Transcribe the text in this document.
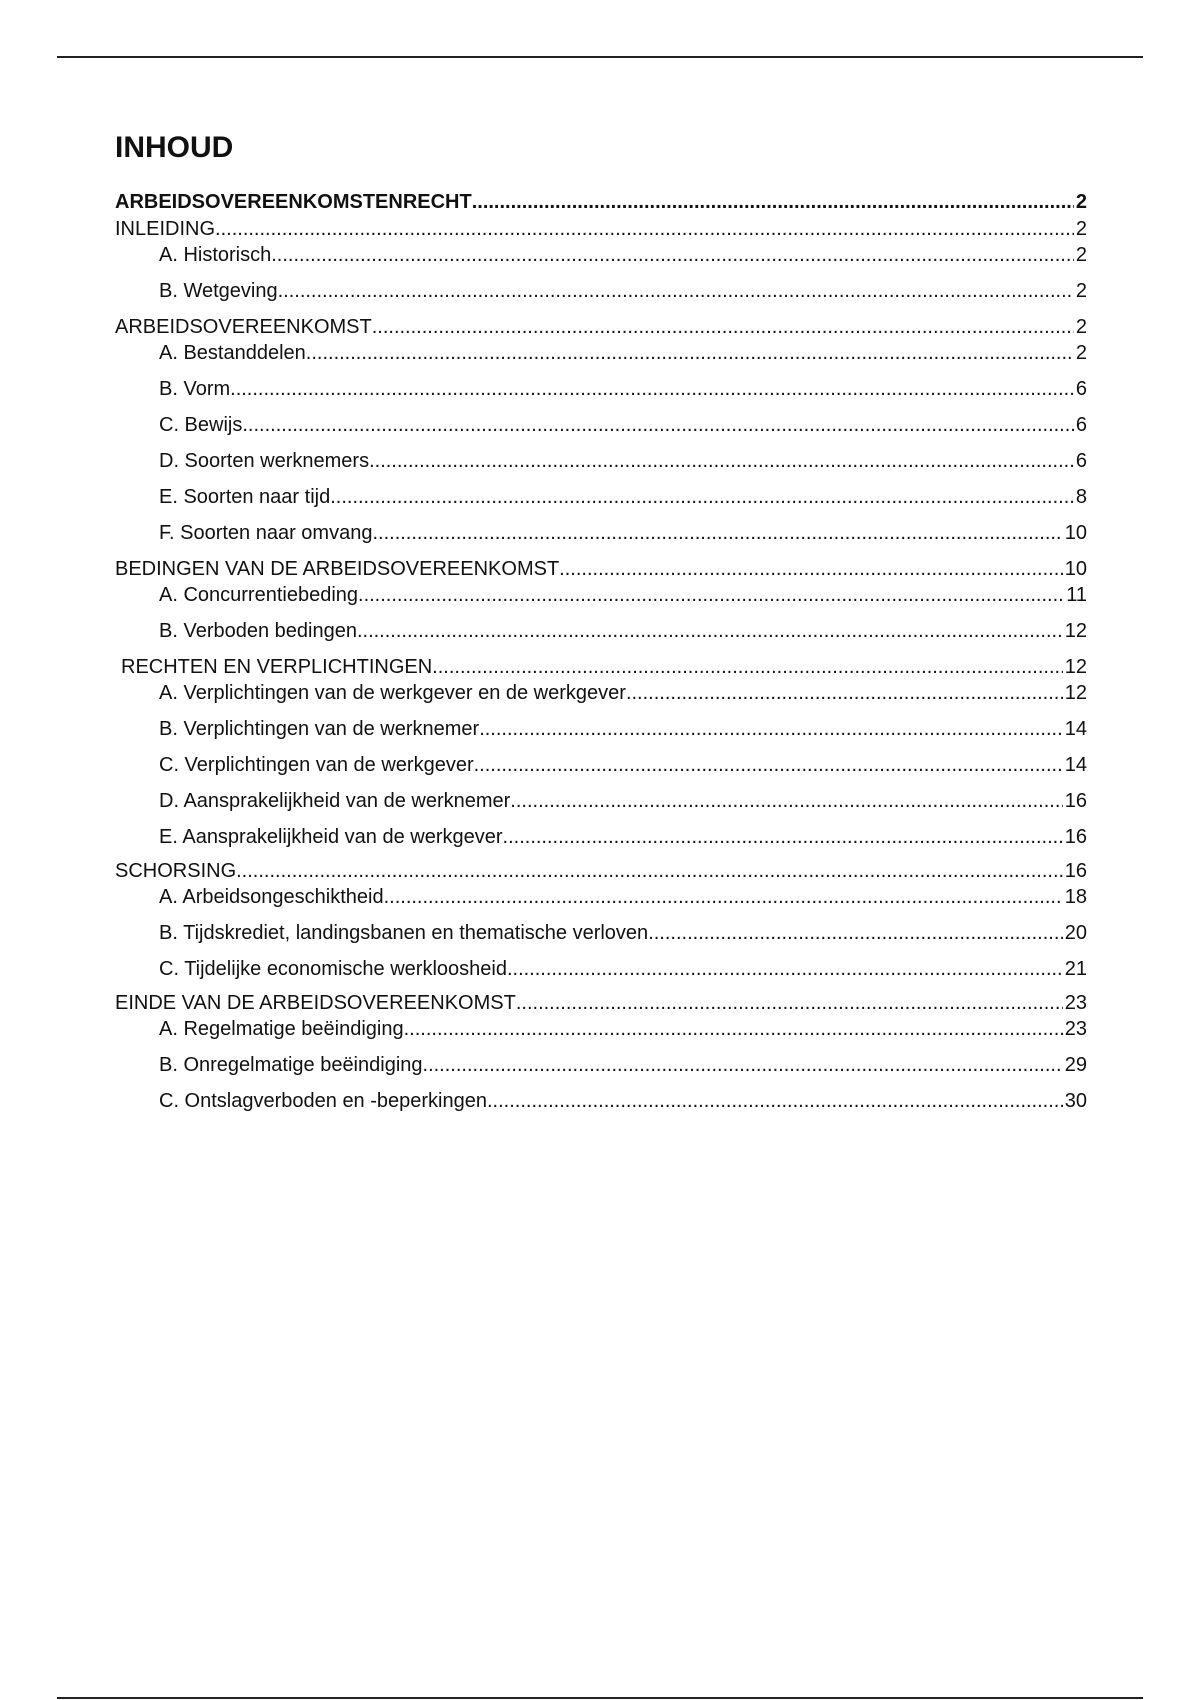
INHOUD
ARBEIDSOVEREENKOMSTENRECHT .....	2
INLEIDING .....	2
A. Historisch .....	2
B. Wetgeving .....	2
ARBEIDSOVEREENKOMST .....	2
A. Bestanddelen .....	2
B. Vorm .....	6
C. Bewijs .....	6
D. Soorten werknemers .....	6
E. Soorten naar tijd .....	8
F. Soorten naar omvang .....	10
BEDINGEN VAN DE ARBEIDSOVEREENKOMST .....	10
A. Concurrentiebeding .....	11
B. Verboden bedingen .....	12
RECHTEN EN VERPLICHTINGEN .....	12
A. Verplichtingen van de werkgever en de werkgever .....	12
B. Verplichtingen van de werknemer .....	14
C. Verplichtingen van de werkgever .....	14
D. Aansprakelijkheid van de werknemer .....	16
E. Aansprakelijkheid van de werkgever .....	16
SCHORSING .....	16
A. Arbeidsongeschiktheid .....	18
B. Tijdskrediet, landingsbanen en thematische verloven .....	20
C. Tijdelijke economische werkloosheid .....	21
EINDE VAN DE ARBEIDSOVEREENKOMST .....	23
A. Regelmatige beëindiging .....	23
B. Onregelmatige beëindiging .....	29
C. Ontslagverboden en -beperkingen .....	30
